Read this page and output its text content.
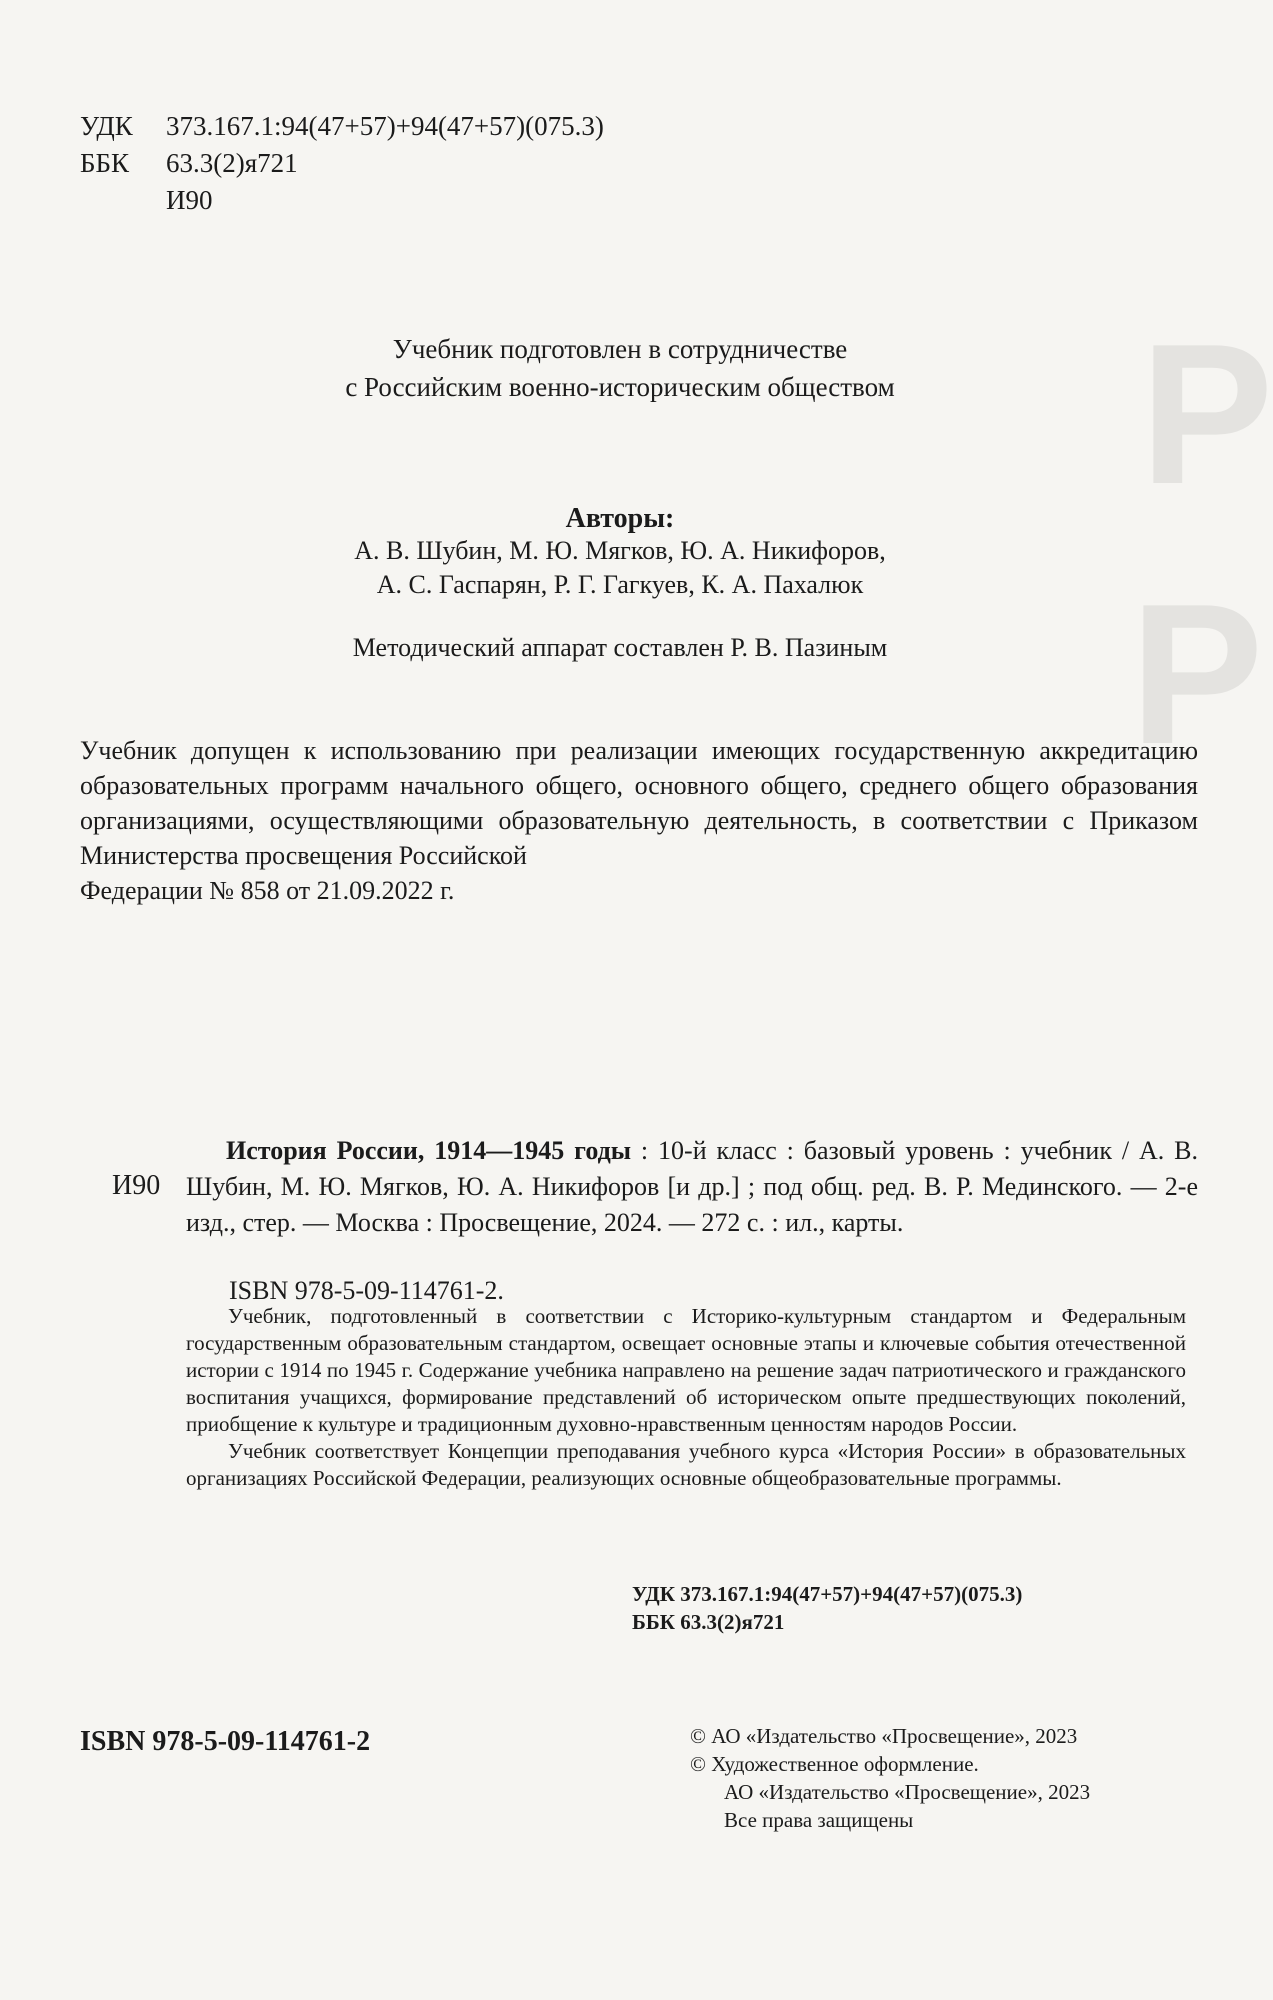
Р
Р
УДК	373.167.1:94(47+57)+94(47+57)(075.3)
ББК	63.3(2)я721
И90
Учебник подготовлен в сотрудничестве
с Российским военно-историческим обществом
Авторы:
А. В. Шубин, М. Ю. Мягков, Ю. А. Никифоров,
А. С. Гаспарян, Р. Г. Гагкуев, К. А. Пахалюк
Методический аппарат составлен Р. В. Пазиным
Учебник допущен к использованию при реализации имеющих государственную аккредитацию образовательных программ начального общего, основного общего, среднего общего образования организациями, осуществляющими образовательную деятельность, в соответствии с Приказом Министерства просвещения Российской
Федерации № 858 от 21.09.2022 г.
И90
История России, 1914—1945 годы : 10-й класс : базовый уровень : учебник / А. В. Шубин, М. Ю. Мягков, Ю. А. Никифоров [и др.] ; под общ. ред. В. Р. Мединского. — 2-е изд., стер. — Москва : Просвещение, 2024. — 272 с. : ил., карты.
ISBN 978-5-09-114761-2.

Учебник, подготовленный в соответствии с Историко-культурным стандартом и Федеральным государственным образовательным стандартом, освещает основные этапы и ключевые события отечественной истории с 1914 по 1945 г. Содержание учебника направлено на решение задач патриотического и гражданского воспитания учащихся, формирование представлений об историческом опыте предшествующих поколений, приобщение к культуре и традиционным духовно-нравственным ценностям народов России.

Учебник соответствует Концепции преподавания учебного курса «История России» в образовательных организациях Российской Федерации, реализующих основные общеобразовательные программы.

УДК 373.167.1:94(47+57)+94(47+57)(075.3)
ББК 63.3(2)я721
ISBN 978-5-09-114761-2	© АО «Издательство «Просвещение», 2023
© Художественное оформление.
АО «Издательство «Просвещение», 2023
Все права защищены
